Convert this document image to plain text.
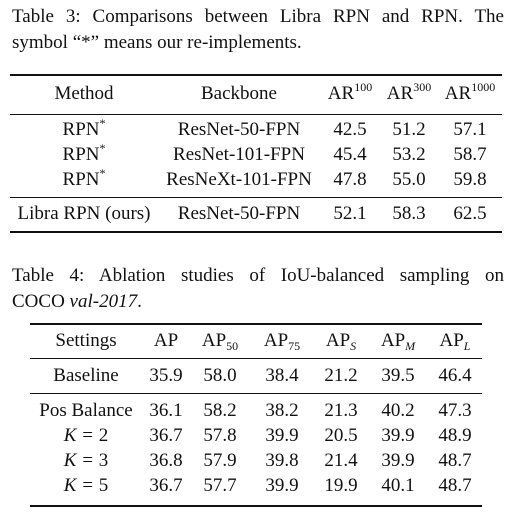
Table 3: Comparisons between Libra RPN and RPN. The
symbol “*” means our re-implements.
Method	Backbone	AR$^{100}$ AR$^{300}$ $AR^{1000}$
RPN*	ResNet-50-FPN 42.5 51.2 57.1
RPN*	ResNet-101-FPN 45.4 53.2 58.7
RPN*	ResNeXt-101-FPN 47.8 55.0 59.8
Libra RPN (ours) ResNet-50-FPN 52.1 58.3 62.5
Table 4: Ablation studies of IoU-balanced sampling on
COCO val-2017.
Settings AP $AP_{50}$ $AP_{75}$ $AP_S$ $AP_M$ $AP_L$
Baseline 35.9 58.0 38.4 21.2 39.5 46.4
Pos Balance 36.1 58.2 38.2 21.3 40.2 47.3
K = 2 36.7 57.8 39.9 20.5 39.9 48.9
K = 3 36.8 57.9 39.8 21.4 39.9 48.7
K = 5 36.7 57.7 39.9 19.9 40.1 48.7
